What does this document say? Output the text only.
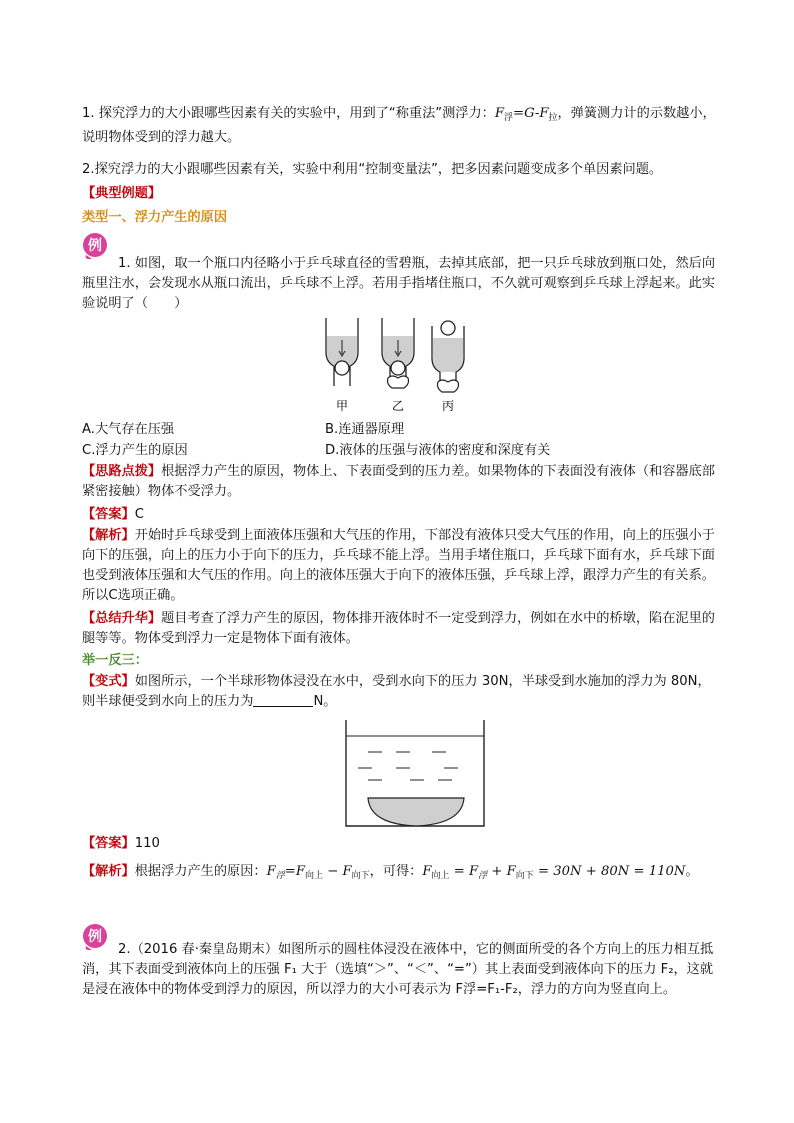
1. 探究浮力的大小跟哪些因素有关的实验中，用到了“称重法”测浮力：$F_浮=G-F_拉$，弹簧测力计的示数越小，说明物体受到的浮力越大。

2.探究浮力的大小跟哪些因素有关，实验中利用“控制变量法”，把多因素问题变成多个单因素问题。

【典型例题】

类型一、浮力产生的原因

例

1. 如图，取一个瓶口内径略小于乒乓球直径的雪碧瓶，去掉其底部，把一只乒乓球放到瓶口处，然后向瓶里注水，会发现水从瓶口流出，乒乓球不上浮。若用手指堵住瓶口，不久就可观察到乒乓球上浮起来。此实验说明了（　　）

甲	乙	丙
A.大气存在压强	B.连通器原理
C.浮力产生的原因	D.液体的压强与液体的密度和深度有关

【思路点拨】根据浮力产生的原因，物体上、下表面受到的压力差。如果物体的下表面没有液体（和容器底部紧密接触）物体不受浮力。

【答案】C

【解析】开始时乒乓球受到上面液体压强和大气压的作用，下部没有液体只受大气压的作用，向上的压强小于向下的压强，向上的压力小于向下的压力，乒乓球不能上浮。当用手堵住瓶口，乒乓球下面有水，乒乓球下面也受到液体压强和大气压的作用。向上的液体压强大于向下的液体压强，乒乓球上浮，跟浮力产生的有关系。所以C选项正确。

【总结升华】题目考查了浮力产生的原因，物体排开液体时不一定受到浮力，例如在水中的桥墩，陷在泥里的腿等等。物体受到浮力一定是物体下面有液体。

举一反三：

【变式】如图所示，一个半球形物体浸没在水中，受到水向下的压力 30N，半球受到水施加的浮力为 80N，则半球便受到水向上的压力为	N。

【答案】110

【解析】根据浮力产生的原因：$F_浮=F_{向上} - F_{向下}$，可得：$F_{向上} = F_浮 + F_{向下} = 30N + 80N = 110N$。

例

2.（2016 春·秦皇岛期末）如图所示的圆柱体浸没在液体中，它的侧面所受的各个方向上的压力相互抵消，其下表面受到液体向上的压强 F₁ 大于（选填“＞”、“＜”、“=”）其上表面受到液体向下的压力 F₂，这就是浸在液体中的物体受到浮力的原因，所以浮力的大小可表示为 F浮=F₁-F₂，浮力的方向为竖直向上。
